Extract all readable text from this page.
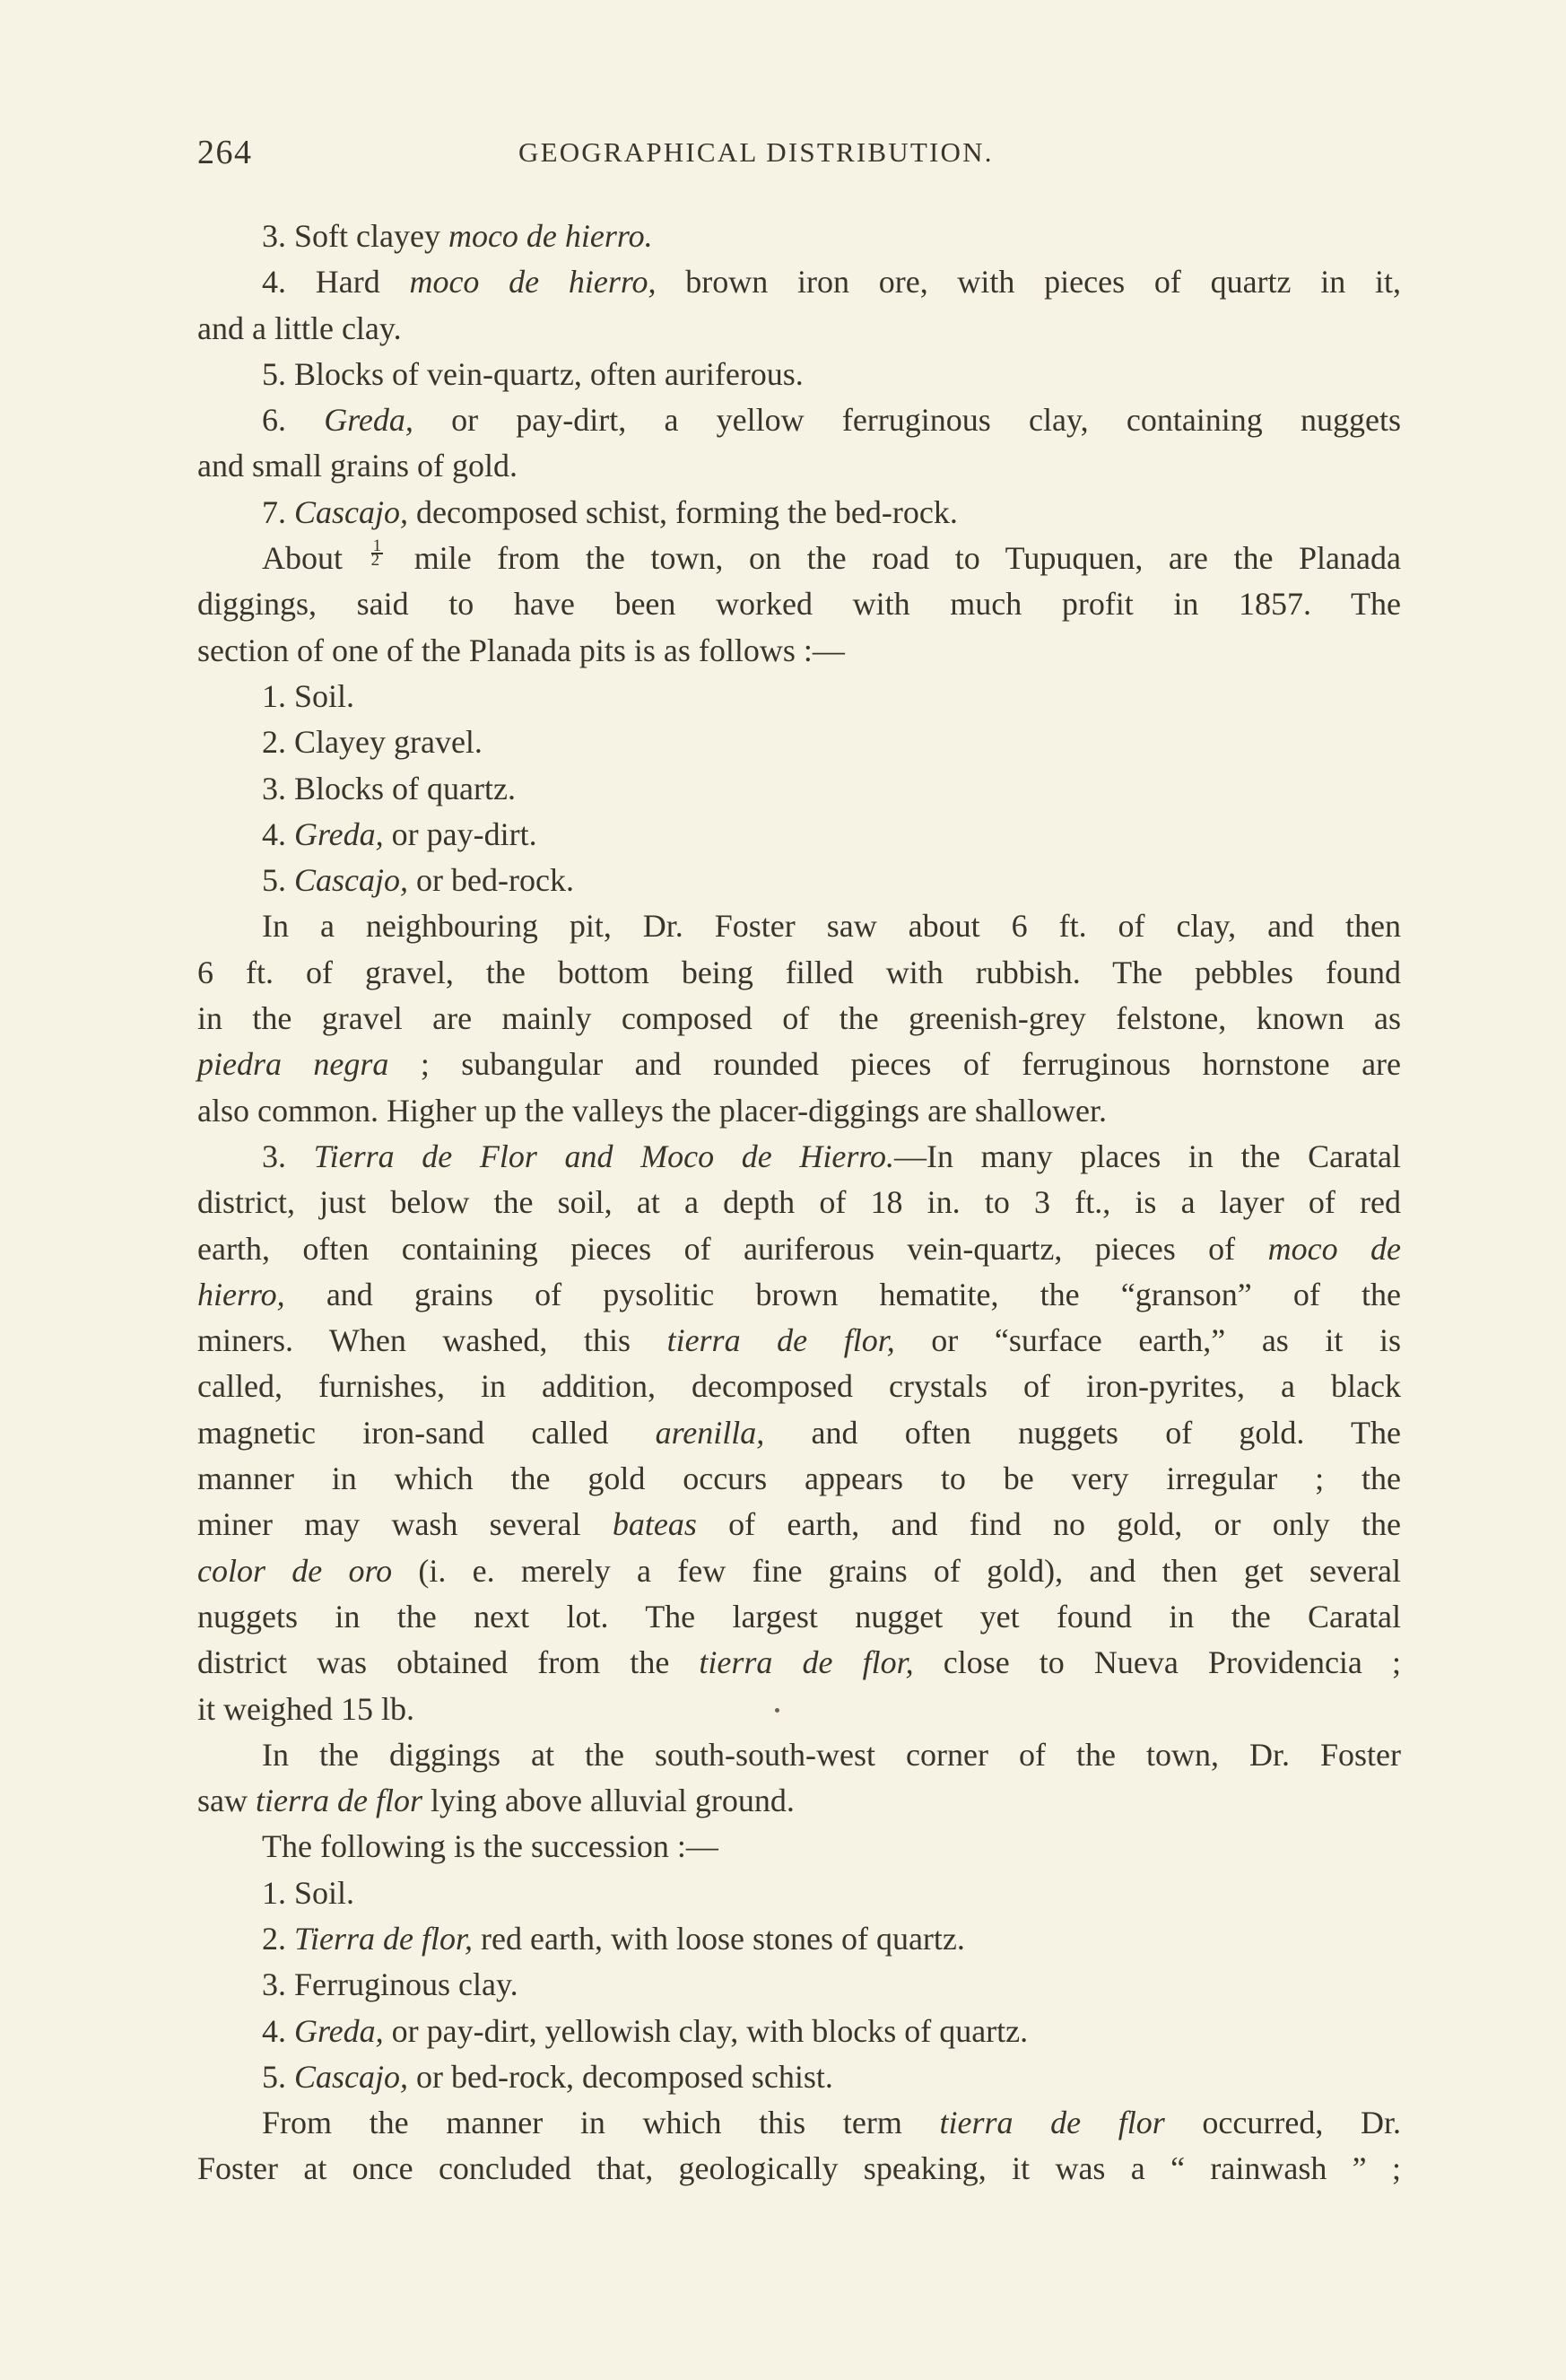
264	GEOGRAPHICAL DISTRIBUTION.
3. Soft clayey moco de hierro.
4. Hard moco de hierro, brown iron ore, with pieces of quartz in it,
and a little clay.
5. Blocks of vein-quartz, often auriferous.
6. Greda, or pay-dirt, a yellow ferruginous clay, containing nuggets
and small grains of gold.
7. Cascajo, decomposed schist, forming the bed-rock.
About $\frac{1}{2}$ mile from the town, on the road to Tupuquen, are the Planada
diggings, said to have been worked with much profit in 1857. The
section of one of the Planada pits is as follows :—
1. Soil.
2. Clayey gravel.
3. Blocks of quartz.
4. Greda, or pay-dirt.
5. Cascajo, or bed-rock.
In a neighbouring pit, Dr. Foster saw about 6 ft. of clay, and then
6 ft. of gravel, the bottom being filled with rubbish. The pebbles found
in the gravel are mainly composed of the greenish-grey felstone, known as
piedra negra ; subangular and rounded pieces of ferruginous hornstone are
also common. Higher up the valleys the placer-diggings are shallower.
3. Tierra de Flor and Moco de Hierro.—In many places in the Caratal
district, just below the soil, at a depth of 18 in. to 3 ft., is a layer of red
earth, often containing pieces of auriferous vein-quartz, pieces of moco de
hierro, and grains of pysolitic brown hematite, the “granson” of the
miners. When washed, this tierra de flor, or “surface earth,” as it is
called, furnishes, in addition, decomposed crystals of iron-pyrites, a black
magnetic iron-sand called arenilla, and often nuggets of gold. The
manner in which the gold occurs appears to be very irregular ; the
miner may wash several bateas of earth, and find no gold, or only the
color de oro (i. e. merely a few fine grains of gold), and then get several
nuggets in the next lot. The largest nugget yet found in the Caratal
district was obtained from the tierra de flor, close to Nueva Providencia ;
it weighed 15 lb.
In the diggings at the south-south-west corner of the town, Dr. Foster
saw tierra de flor lying above alluvial ground.
The following is the succession :—
1. Soil.
2. Tierra de flor, red earth, with loose stones of quartz.
3. Ferruginous clay.
4. Greda, or pay-dirt, yellowish clay, with blocks of quartz.
5. Cascajo, or bed-rock, decomposed schist.
From the manner in which this term tierra de flor occurred, Dr.
Foster at once concluded that, geologically speaking, it was a “ rainwash ” ;
